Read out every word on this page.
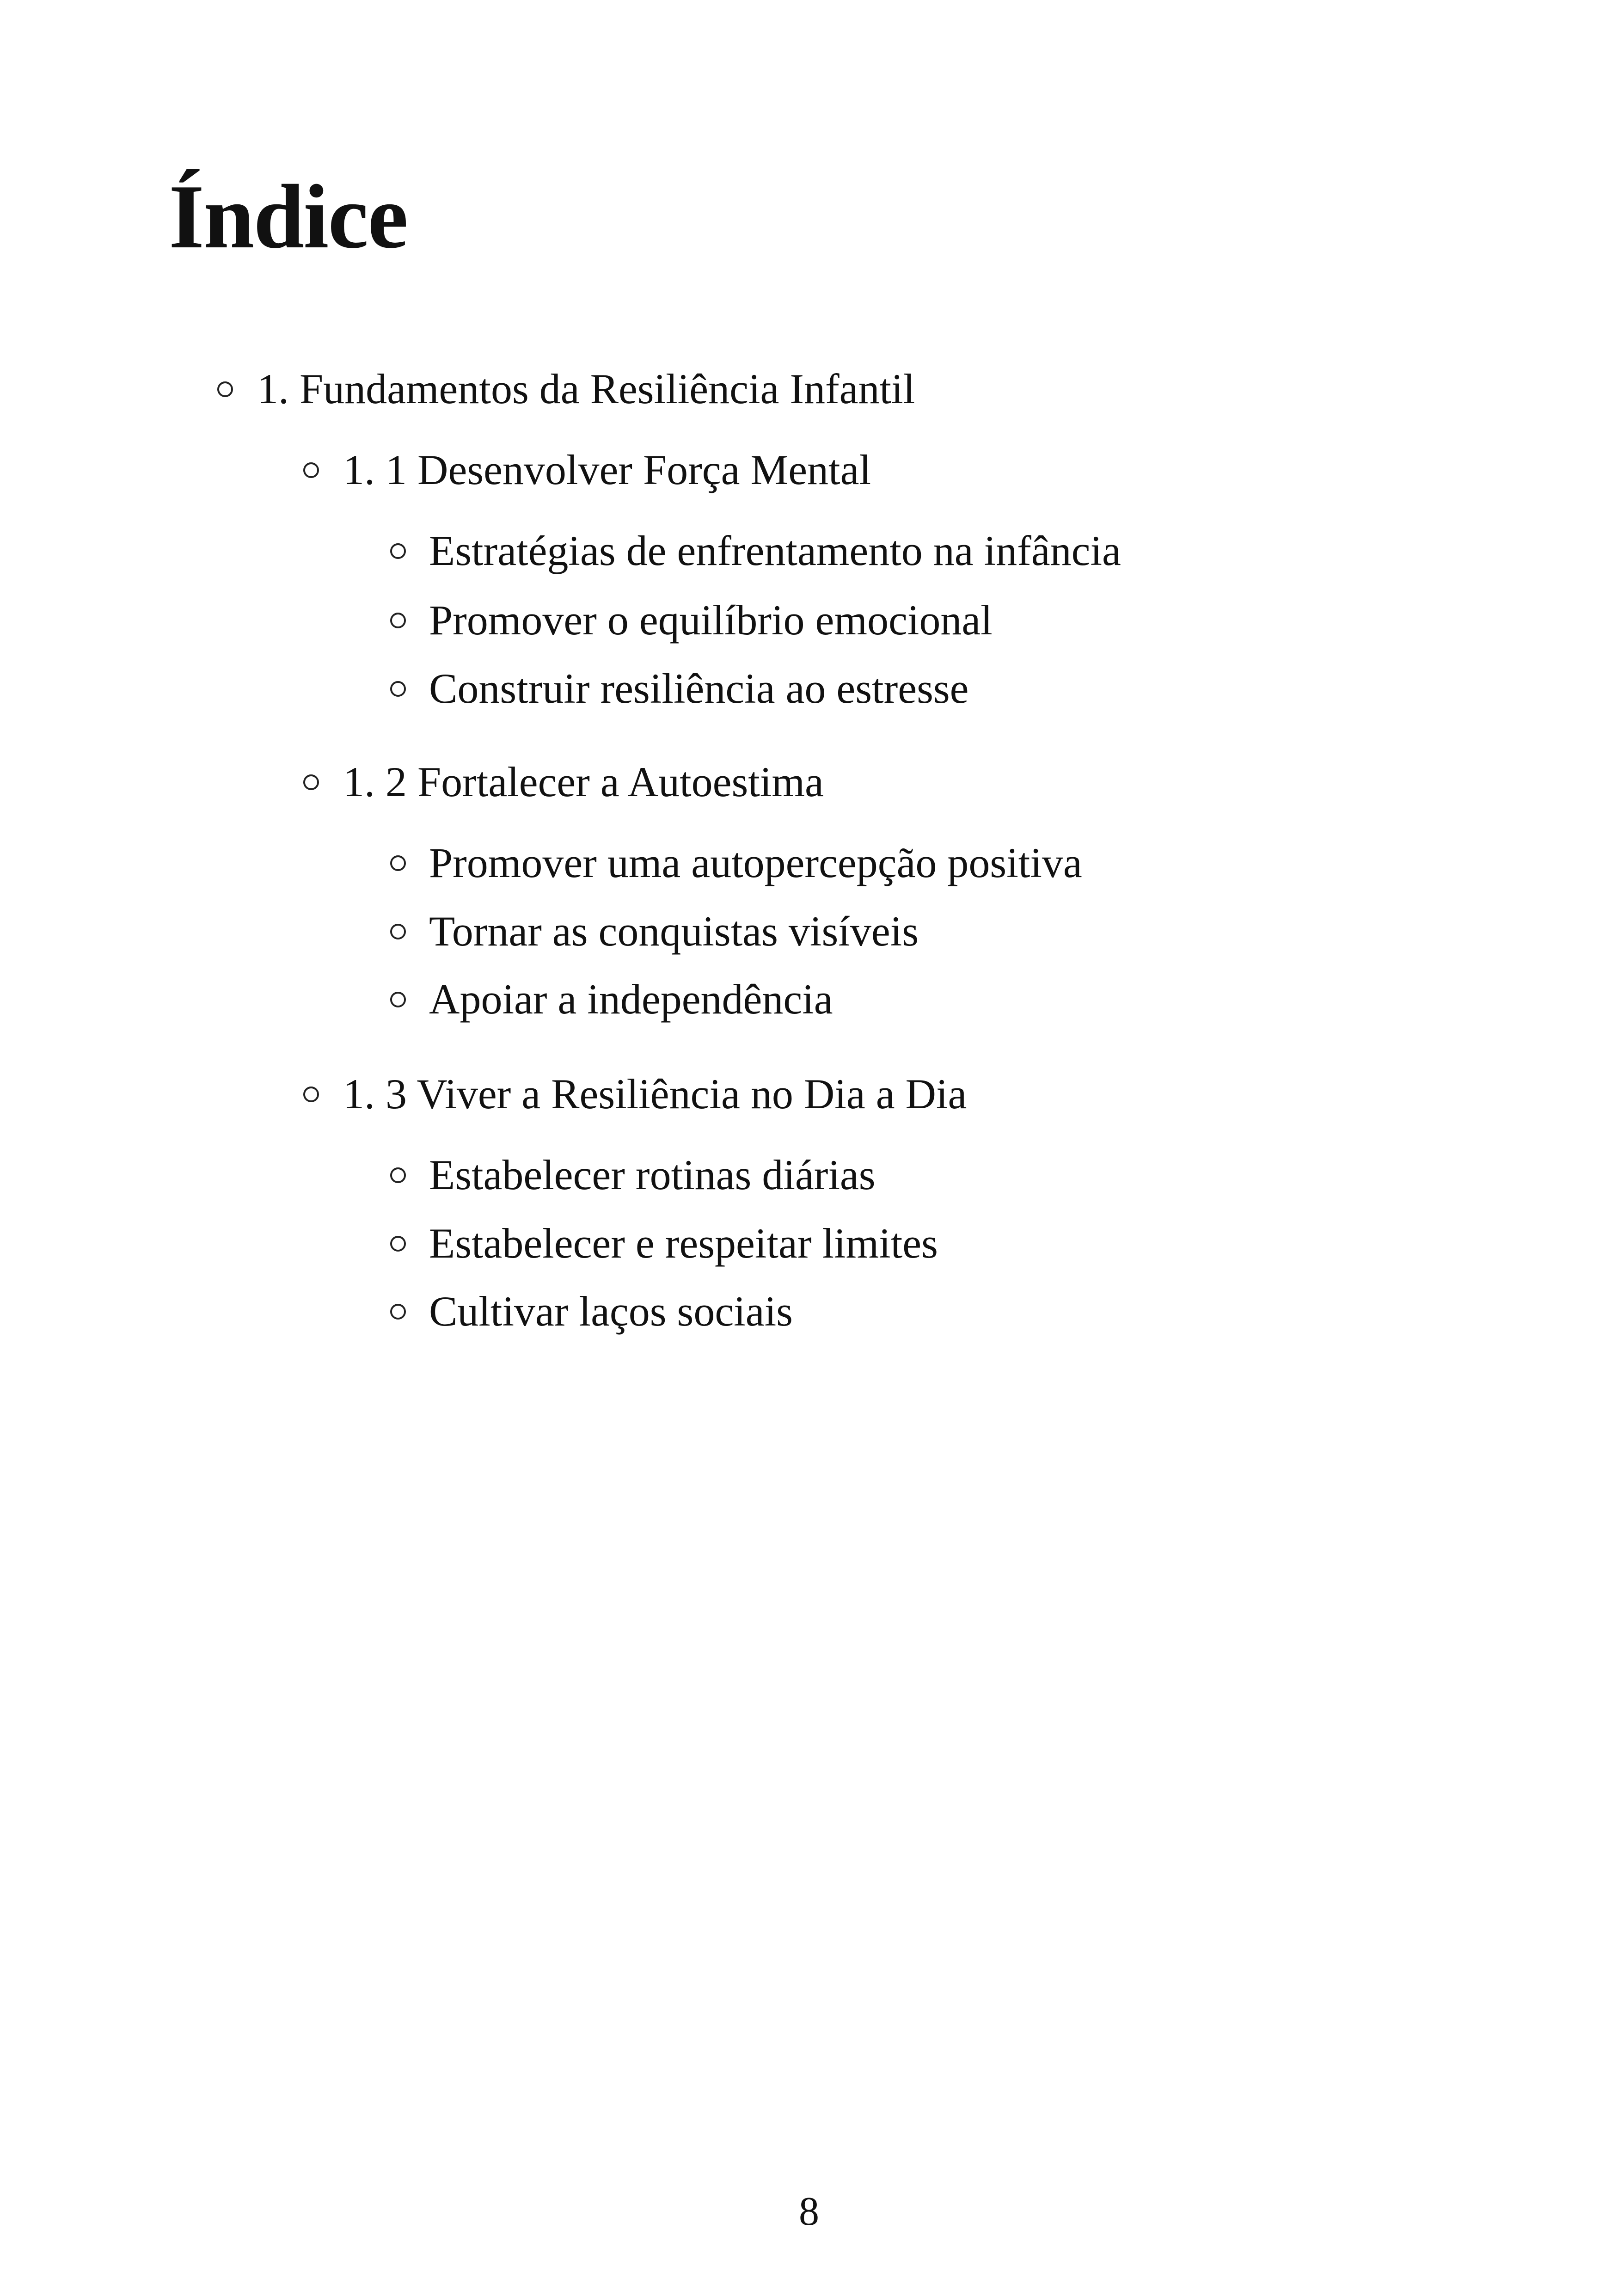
Índice
1. Fundamentos da Resiliência Infantil
1. 1 Desenvolver Força Mental
Estratégias de enfrentamento na infância
Promover o equilíbrio emocional
Construir resiliência ao estresse
1. 2 Fortalecer a Autoestima
Promover uma autopercepção positiva
Tornar as conquistas visíveis
Apoiar a independência
1. 3 Viver a Resiliência no Dia a Dia
Estabelecer rotinas diárias
Estabelecer e respeitar limites
Cultivar laços sociais
8
